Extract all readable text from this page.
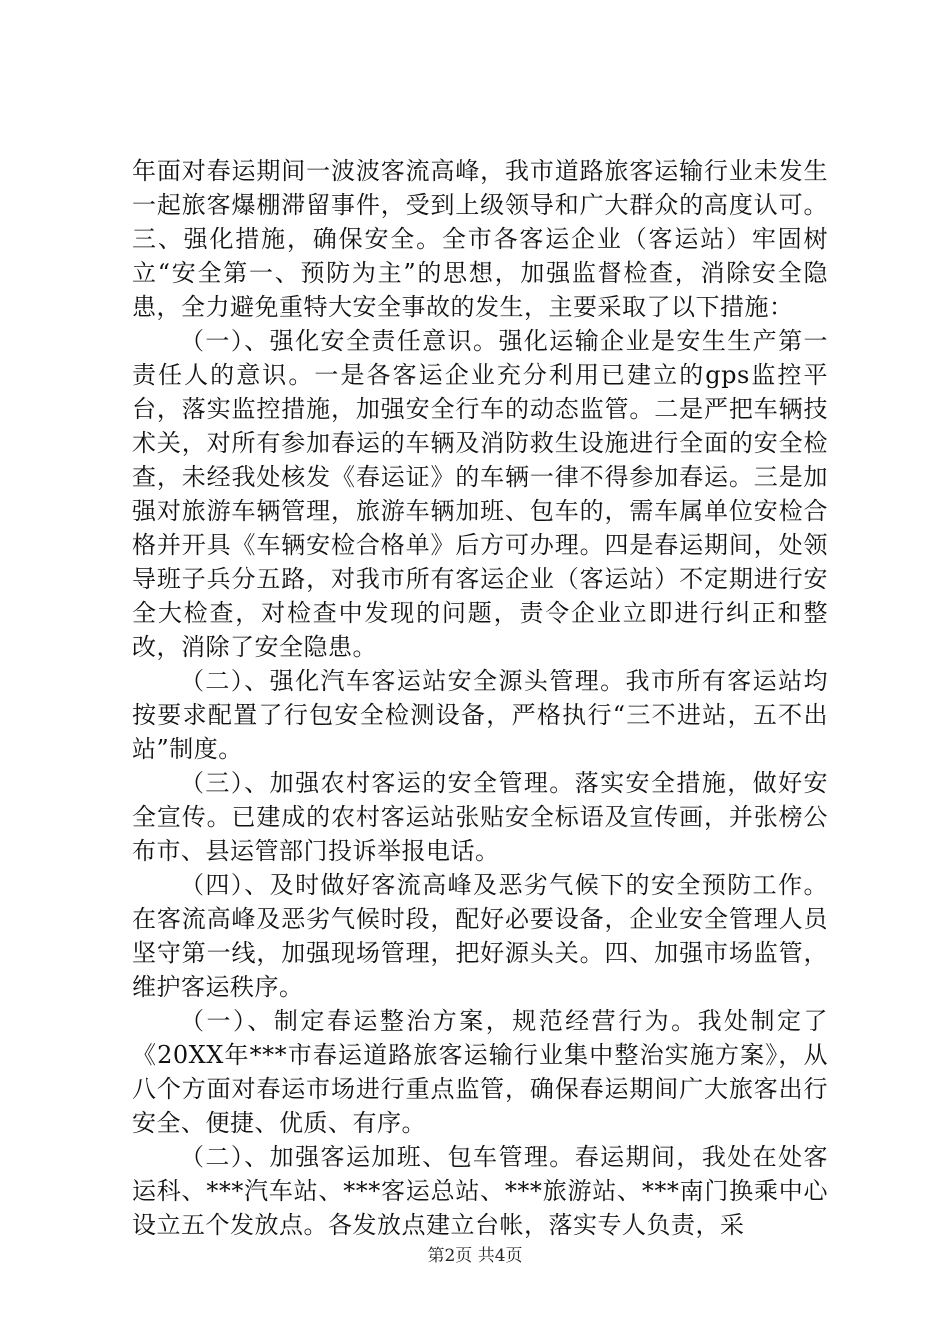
年面对春运期间一波波客流高峰，我市道路旅客运输行业未发生一起旅客爆棚滞留事件，受到上级领导和广大群众的高度认可。三、强化措施，确保安全。全市各客运企业（客运站）牢固树立“安全第一、预防为主”的思想，加强监督检查，消除安全隐患，全力避免重特大安全事故的发生，主要采取了以下措施：

（一）、强化安全责任意识。强化运输企业是安生生产第一责任人的意识。一是各客运企业充分利用已建立的gps监控平台，落实监控措施，加强安全行车的动态监管。二是严把车辆技术关，对所有参加春运的车辆及消防救生设施进行全面的安全检查，未经我处核发《春运证》的车辆一律不得参加春运。三是加强对旅游车辆管理，旅游车辆加班、包车的，需车属单位安检合格并开具《车辆安检合格单》后方可办理。四是春运期间，处领导班子兵分五路，对我市所有客运企业（客运站）不定期进行安全大检查，对检查中发现的问题，责令企业立即进行纠正和整改，消除了安全隐患。

（二）、强化汽车客运站安全源头管理。我市所有客运站均按要求配置了行包安全检测设备，严格执行“三不进站，五不出站”制度。

（三）、加强农村客运的安全管理。落实安全措施，做好安全宣传。已建成的农村客运站张贴安全标语及宣传画，并张榜公布市、县运管部门投诉举报电话。

（四）、及时做好客流高峰及恶劣气候下的安全预防工作。在客流高峰及恶劣气候时段，配好必要设备，企业安全管理人员坚守第一线，加强现场管理，把好源头关。四、加强市场监管，维护客运秩序。

（一）、制定春运整治方案，规范经营行为。我处制定了《20XX年***市春运道路旅客运输行业集中整治实施方案》，从八个方面对春运市场进行重点监管，确保春运期间广大旅客出行安全、便捷、优质、有序。

（二）、加强客运加班、包车管理。春运期间，我处在处客运科、***汽车站、***客运总站、***旅游站、***南门换乘中心设立五个发放点。各发放点建立台帐，落实专人负责，采

第2页 共4页
